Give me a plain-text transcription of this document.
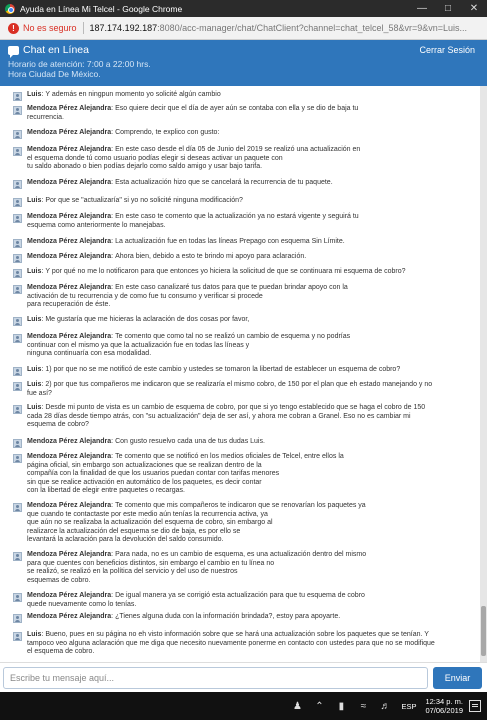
Ayuda en Línea Mi Telcel - Google Chrome	—	□	✕
! No es seguro 187.174.192.187 :8080/acc-manager/chat/ChatClient?channel=chat_telcel_58&vr=9&vn=Luis...
Chat en Línea
Horario de atención: 7:00 a 22:00 hrs.
Hora Ciudad De México.
Cerrar Sesión
Luis: Y además en ningpun momento yo solicité algún cambio
Mendoza Pérez Alejandra: Eso quiere decir que el día de ayer aún se contaba con ella y se dio de baja tu
recurrencia.
Mendoza Pérez Alejandra: Comprendo, te explico con gusto:
Mendoza Pérez Alejandra: En este caso desde el día 05 de Junio del 2019 se realizó una actualización en
el esquema donde tú como usuario podías elegir si deseas activar un paquete con
tu saldo abonado o bien podías dejarlo como saldo amigo y usar bajo tarifa.
Mendoza Pérez Alejandra: Esta actualización hizo que se cancelará la recurrencia de tu paquete.
Luis: Por que se "actualizaría" si yo no solicité ninguna modificación?
Mendoza Pérez Alejandra: En este caso te comento que la actualización ya no estará vigente y seguirá tu
esquema como anteriormente lo manejabas.
Mendoza Pérez Alejandra: La actualización fue en todas las líneas Prepago con esquema Sin Límite.
Mendoza Pérez Alejandra: Ahora bien, debido a esto te brindo mi apoyo para aclaración.
Luis: Y por qué no me lo notificaron para que entonces yo hiciera la solicitud de que se continuara mi esquema de cobro?
Mendoza Pérez Alejandra: En este caso canalizaré tus datos para que te puedan brindar apoyo con la
activación de tu recurrencia y de como fue tu consumo y verificar si procede
para recuperación de éste.
Luis: Me gustaría que me hicieras la aclaración de dos cosas por favor,
Mendoza Pérez Alejandra: Te comento que como tal no se realizó un cambio de esquema y no podrías
continuar con el mismo ya que la actualización fue en todas las líneas y
ninguna continuaría con esa modalidad.
Luis: 1) por que no se me notificó de este cambio y ustedes se tomaron la libertad de establecer un esquema de cobro?
Luis: 2) por que tus compañeros me indicaron que se realizaría el mismo cobro, de 150 por el plan que eh estado manejando y no
fue así?
Luis: Desde mi punto de vista es un cambio de esquema de cobro, por que si yo tengo establecido que se haga el cobro de 150
cada 28 días desde tiempo atrás, con "su actualización" deja de ser así, y ahora me cobran a Granel. Eso no es cambiar mi
esquema de cobro?
Mendoza Pérez Alejandra: Con gusto resuelvo cada una de tus dudas Luis.
Mendoza Pérez Alejandra: Te comento que se notificó en los medios oficiales de Telcel, entre ellos la
página oficial, sin embargo son actualizaciones que se realizan dentro de la
compañía con la finalidad de que los usuarios puedan contar con tarifas menores
sin que se realice activación en automático de los paquetes, es decir contar
con la libertad de elegir entre paquetes o recargas.
Mendoza Pérez Alejandra: Te comento que mis compañeros te indicaron que se renovarían los paquetes ya
que cuando te contactaste por este medio aún tenías la recurrencia activa, ya
que aún no se realizaba la actualización del esquema de cobro, sin embargo al
realizarce la actualización del esquema se dio de baja, es por ello se
levantará la aclaración para la devolución del saldo consumido.
Mendoza Pérez Alejandra: Para nada, no es un cambio de esquema, es una actualización dentro del mismo
para que cuentes con beneficios distintos, sin embargo el cambio en tu línea no
se realizó, se realizó en la política del servicio y del uso de nuestros
esquemas de cobro.
Mendoza Pérez Alejandra: De igual manera ya se corrigió esta actualización para que tu esquema de cobro
quede nuevamente como lo tenías.
Mendoza Pérez Alejandra: ¿Tienes alguna duda con la información brindada?, estoy para apoyarte.
Luis: Bueno, pues en su página no eh visto información sobre que se hará una actualización sobre los paquetes que se tenían. Y
tampoco veo alguna aclaración que me diga que necesito nuevamente ponerme en contacto con ustedes para que no se modifique
el esquema de cobro.
Escribe tu mensaje aquí...
Enviar
♟ ⌃	▮	≈	♬ ESP 12:34 p. m.
07/06/2019
